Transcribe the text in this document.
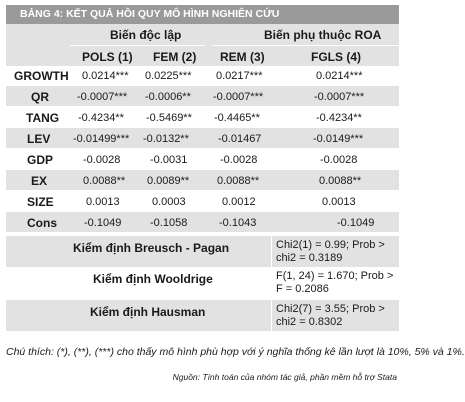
BẢNG 4: KẾT QUẢ HỒI QUY MÔ HÌNH NGHIÊN CỨU
Biến độc lập	Biến phụ thuộc ROA
POLS (1) FEM (2) REM (3)	FGLS (4)
GROWTH 0.0214*** 0.0225*** 0.0217***	0.0214***
QR	-0.0007*** -0.0006** -0.0007***	-0.0007***
TANG -0.4234** -0.5469** -0.4465**	-0.4234**
LEV -0.01499*** -0.0132**	-0.01467	-0.0149***
GDP	-0.0028	-0.0031	-0.0028	-0.0028
EX	0.0088** 0.0089**	0.0088**	0.0088**
SIZE	0.0013	0.0003	0.0012	0.0013
Cons -0.1049	-0.1058	-0.1043	-0.1049
Kiểm định Breusch - Pagan	Chi2(1) = 0.99; Prob > chi2 = 0.3189
Kiểm định Wooldrige	F(1, 24) = 1.670; Prob > F = 0.2086
Kiểm định Hausman	Chi2(7) = 3.55; Prob > chi2 = 0.8302
Chú thích: (*), (**), (***) cho thấy mô hình phù hợp với ý nghĩa thống kê lần lượt là 10%, 5% và 1%.
Nguồn: Tính toán của nhóm tác giả, phần mềm hỗ trợ Stata
